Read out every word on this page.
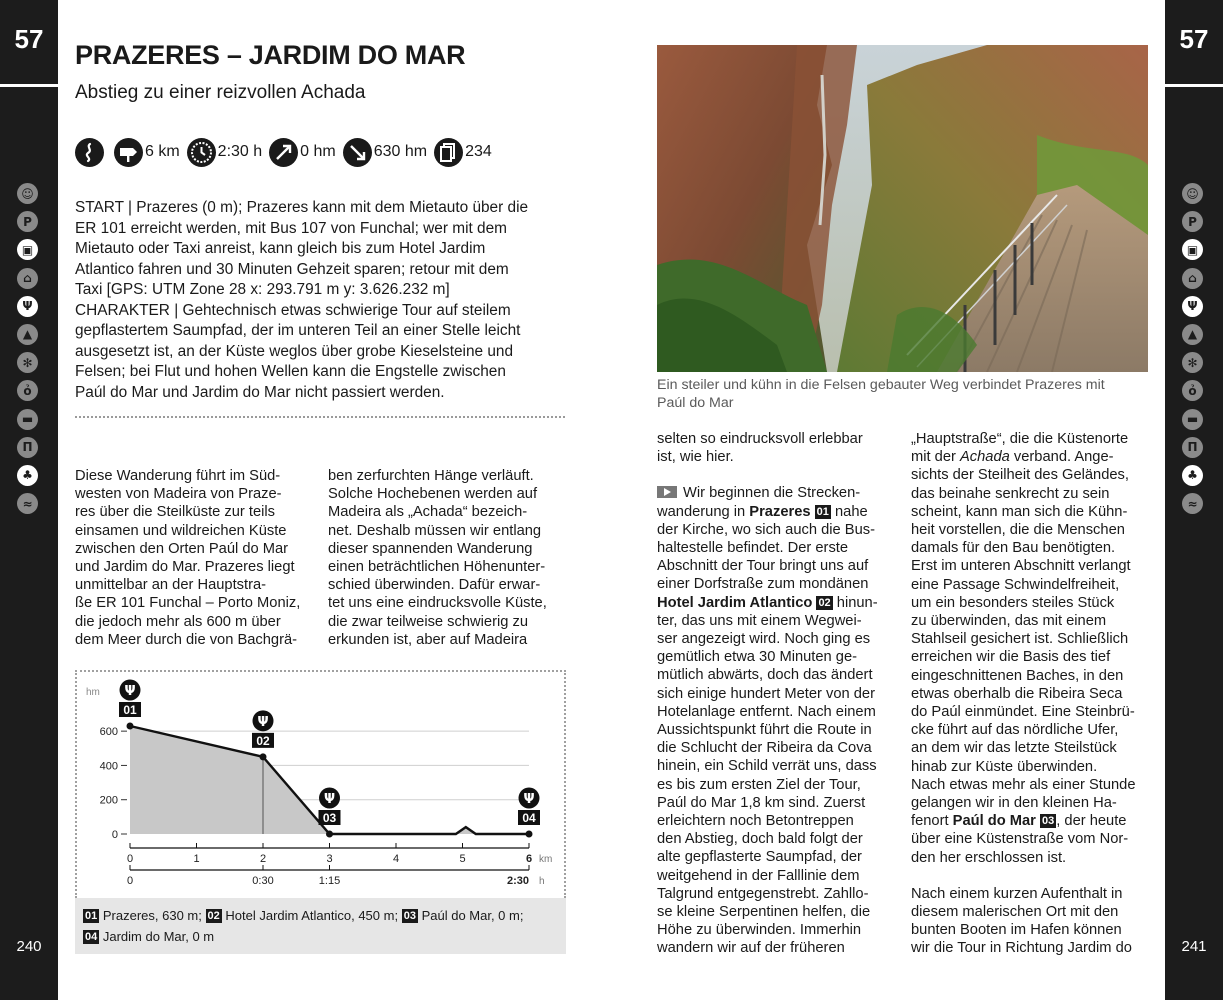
57
☺
P
▣
⌂
Ψ
▲
✻
ỏ
▬
Π
♣
≈
240
57
☺
P
▣
⌂
Ψ
▲
✻
ỏ
▬
Π
♣
≈
241
PRAZERES – JARDIM DO MAR
Abstieg zu einer reizvollen Achada
6 km 2:30 h 0 hm 630 hm 234
START | Prazeres (0 m); Prazeres kann mit dem Mietauto über die
ER 101 erreicht werden, mit Bus 107 von Funchal; wer mit dem
Mietauto oder Taxi anreist, kann gleich bis zum Hotel Jardim
Atlantico fahren und 30 Minuten Gehzeit sparen; retour mit dem
Taxi [GPS: UTM Zone 28 x: 293.791 m y: 3.626.232 m]
CHARAKTER | Gehtechnisch etwas schwierige Tour auf steilem
gepflastertem Saumpfad, der im unteren Teil an einer Stelle leicht
ausgesetzt ist, an der Küste weglos über grobe Kieselsteine und
Felsen; bei Flut und hohen Wellen kann die Engstelle zwischen
Paúl do Mar und Jardim do Mar nicht passiert werden.

Diese Wanderung führt im Süd-

westen von Madeira von Praze-

res über die Steilküste zur teils

einsamen und wildreichen Küste

zwischen den Orten Paúl do Mar

und Jardim do Mar. Prazeres liegt

unmittelbar an der Hauptstra-

ße ER 101 Funchal – Porto Moniz,

die jedoch mehr als 600 m über

dem Meer durch die von Bachgrä-

ben zerfurchten Hänge verläuft.

Solche Hochebenen werden auf

Madeira als „Achada“ bezeich-

net. Deshalb müssen wir entlang

dieser spannenden Wanderung

einen beträchtlichen Höhenunter-

schied überwinden. Dafür erwar-

tet uns eine eindrucksvolle Küste,

die zwar teilweise schwierig zu

erkunden ist, aber auf Madeira

hm
0
200
400
600
0	1	2	3	4	5	6 km
0	0:30	1:15	2:30 h
01
Ψ
02
Ψ
03
Ψ
04
Ψ
01 Prazeres, 630 m; 02 Hotel Jardim Atlantico, 450 m; 03 Paúl do Mar, 0 m;
04 Jardim do Mar, 0 m
Ein steiler und kühn in die Felsen gebauter Weg verbindet Prazeres mit
Paúl do Mar

selten so eindrucksvoll erlebbar

ist, wie hier.

Wir beginnen die Strecken-

wanderung in Prazeres 01 nahe

der Kirche, wo sich auch die Bus-

haltestelle befindet. Der erste

Abschnitt der Tour bringt uns auf

einer Dorfstraße zum mondänen

Hotel Jardim Atlantico 02 hinun-

ter, das uns mit einem Wegwei-

ser angezeigt wird. Noch ging es

gemütlich etwa 30 Minuten ge-

mütlich abwärts, doch das ändert

sich einige hundert Meter von der

Hotelanlage entfernt. Nach einem

Aussichtspunkt führt die Route in

die Schlucht der Ribeira da Cova

hinein, ein Schild verrät uns, dass

es bis zum ersten Ziel der Tour,

Paúl do Mar 1,8 km sind. Zuerst

erleichtern noch Betontreppen

den Abstieg, doch bald folgt der

alte gepflasterte Saumpfad, der

weitgehend in der Falllinie dem

Talgrund entgegenstrebt. Zahllo-

se kleine Serpentinen helfen, die

Höhe zu überwinden. Immerhin

wandern wir auf der früheren

„Hauptstraße“, die die Küstenorte

mit der Achada verband. Ange-

sichts der Steilheit des Geländes,

das beinahe senkrecht zu sein

scheint, kann man sich die Kühn-

heit vorstellen, die die Menschen

damals für den Bau benötigten.

Erst im unteren Abschnitt verlangt

eine Passage Schwindelfreiheit,

um ein besonders steiles Stück

zu überwinden, das mit einem

Stahlseil gesichert ist. Schließlich

erreichen wir die Basis des tief

eingeschnittenen Baches, in den

etwas oberhalb die Ribeira Seca

do Paúl einmündet. Eine Steinbrü-

cke führt auf das nördliche Ufer,

an dem wir das letzte Steilstück

hinab zur Küste überwinden.

Nach etwas mehr als einer Stunde

gelangen wir in den kleinen Ha-

fenort Paúl do Mar 03 , der heute

über eine Küstenstraße vom Nor-

den her erschlossen ist.

Nach einem kurzen Aufenthalt in

diesem malerischen Ort mit den

bunten Booten im Hafen können

wir die Tour in Richtung Jardim do
